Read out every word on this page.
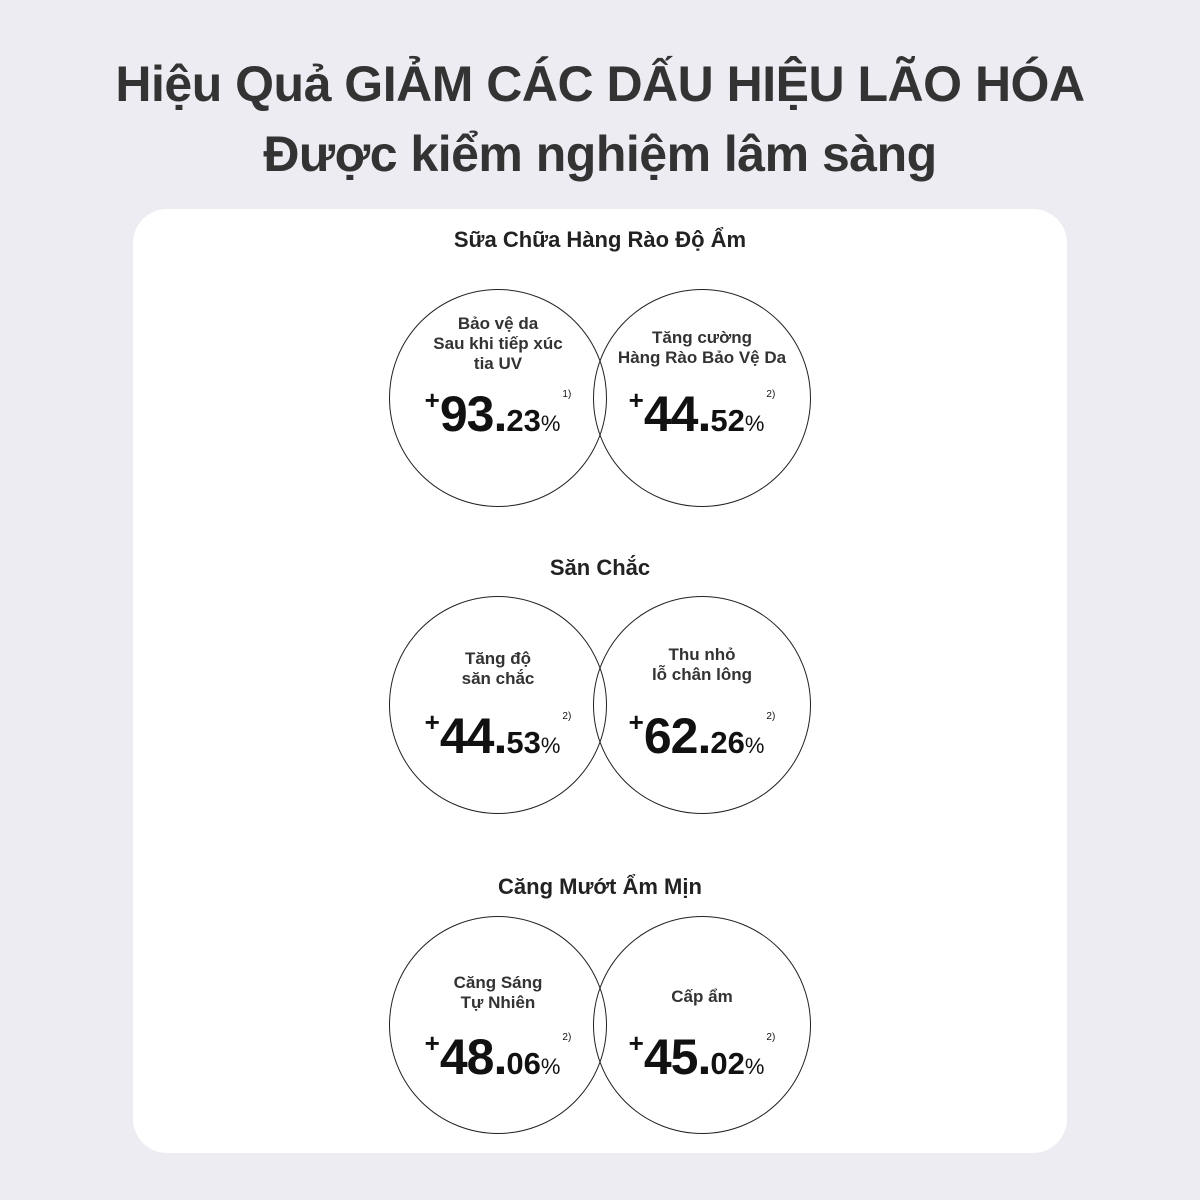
Hiệu Quả GIẢM CÁC DẤU HIỆU LÃO HÓA
Được kiểm nghiệm lâm sàng
Sữa Chữa Hàng Rào Độ Ẩm
Bảo vệ da
Sau khi tiếp xúc
tia UV
+93.23%$^{1)}$
Tăng cường
Hàng Rào Bảo Vệ Da
+44.52%$^{2)}$
Săn Chắc
Tăng độ
săn chắc
+44.53%$^{2)}$
Thu nhỏ
lỗ chân lông
+62.26%$^{2)}$
Căng Mướt Ẩm Mịn
Căng Sáng
Tự Nhiên
+48.06%$^{2)}$
Cấp ẩm
+45.02%$^{2)}$
